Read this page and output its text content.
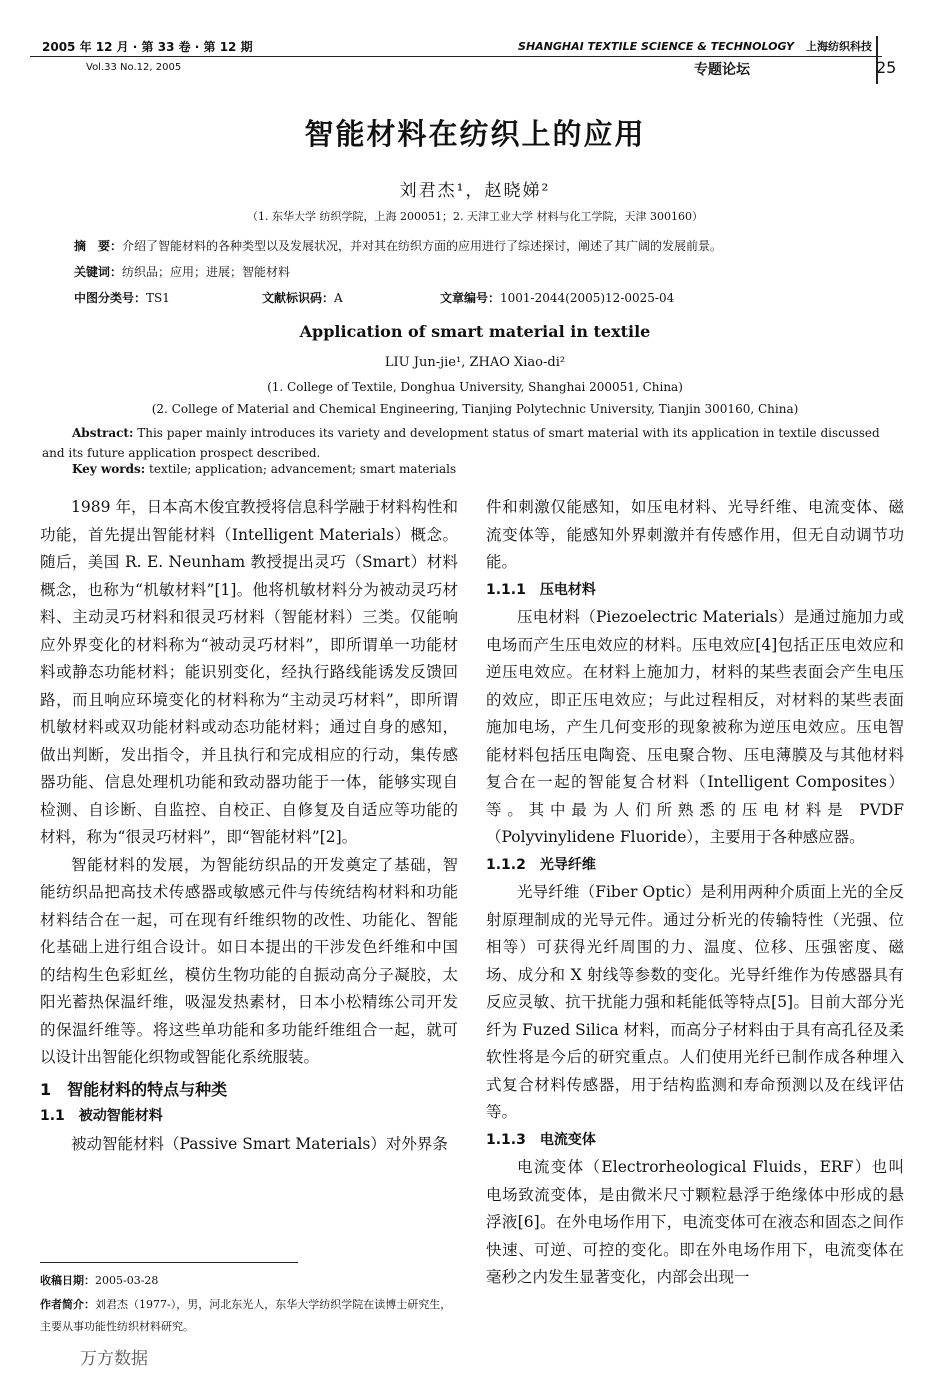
2005 年 12 月 · 第 33 卷 · 第 12 期
Vol.33 No.12, 2005
SHANGHAI TEXTILE SCIENCE & TECHNOLOGY 上海纺织科技
专题论坛	25
智能材料在纺织上的应用
刘君杰¹，赵晓娣²
（1. 东华大学 纺织学院，上海 200051；2. 天津工业大学 材料与化工学院，天津 300160）
摘　要：介绍了智能材料的各种类型以及发展状况，并对其在纺织方面的应用进行了综述探讨，阐述了其广阔的发展前景。
关键词：纺织品；应用；进展；智能材料
中图分类号：TS1	文献标识码：A	文章编号：1001-2044(2005)12-0025-04
Application of smart material in textile
LIU Jun-jie¹, ZHAO Xiao-di²
(1. College of Textile, Donghua University, Shanghai 200051, China)
(2. College of Material and Chemical Engineering, Tianjing Polytechnic University, Tianjin 300160, China)
Abstract: This paper mainly introduces its variety and development status of smart material with its application in textile discussed and its future application prospect described.
Key words: textile; application; advancement; smart materials

1989 年，日本高木俊宜教授将信息科学融于材料构性和功能，首先提出智能材料（Intelligent Materials）概念。随后，美国 R. E. Neunham 教授提出灵巧（Smart）材料概念，也称为“机敏材料”[1]。他将机敏材料分为被动灵巧材料、主动灵巧材料和很灵巧材料（智能材料）三类。仅能响应外界变化的材料称为“被动灵巧材料”，即所谓单一功能材料或静态功能材料；能识别变化，经执行路线能诱发反馈回路，而且响应环境变化的材料称为“主动灵巧材料”，即所谓机敏材料或双功能材料或动态功能材料；通过自身的感知，做出判断，发出指令，并且执行和完成相应的行动，集传感器功能、信息处理机功能和致动器功能于一体，能够实现自检测、自诊断、自监控、自校正、自修复及自适应等功能的材料，称为“很灵巧材料”，即“智能材料”[2]。

智能材料的发展，为智能纺织品的开发奠定了基础，智能纺织品把高技术传感器或敏感元件与传统结构材料和功能材料结合在一起，可在现有纤维织物的改性、功能化、智能化基础上进行组合设计。如日本提出的干涉发色纤维和中国的结构生色彩虹丝，模仿生物功能的自振动高分子凝胶，太阳光蓄热保温纤维，吸湿发热素材，日本小松精练公司开发的保温纤维等。将这些单功能和多功能纤维组合一起，就可以设计出智能化织物或智能化系统服装。

1　智能材料的特点与种类
1.1　被动智能材料

被动智能材料（Passive Smart Materials）对外界条

件和刺激仅能感知，如压电材料、光导纤维、电流变体、磁流变体等，能感知外界刺激并有传感作用，但无自动调节功能。

1.1.1　压电材料

压电材料（Piezoelectric Materials）是通过施加力或电场而产生压电效应的材料。压电效应[4]包括正压电效应和逆压电效应。在材料上施加力，材料的某些表面会产生电压的效应，即正压电效应；与此过程相反，对材料的某些表面施加电场，产生几何变形的现象被称为逆压电效应。压电智能材料包括压电陶瓷、压电聚合物、压电薄膜及与其他材料复合在一起的智能复合材料（Intelligent Composites）等。其中最为人们所熟悉的压电材料是 PVDF（Polyvinylidene Fluoride），主要用于各种感应器。

1.1.2　光导纤维

光导纤维（Fiber Optic）是利用两种介质面上光的全反射原理制成的光导元件。通过分析光的传输特性（光强、位相等）可获得光纤周围的力、温度、位移、压强密度、磁场、成分和 X 射线等参数的变化。光导纤维作为传感器具有反应灵敏、抗干扰能力强和耗能低等特点[5]。目前大部分光纤为 Fuzed Silica 材料，而高分子材料由于具有高孔径及柔软性将是今后的研究重点。人们使用光纤已制作成各种埋入式复合材料传感器，用于结构监测和寿命预测以及在线评估等。

1.1.3　电流变体

电流变体（Electrorheological Fluids，ERF）也叫电场致流变体，是由微米尺寸颗粒悬浮于绝缘体中形成的悬浮液[6]。在外电场作用下，电流变体可在液态和固态之间作快速、可逆、可控的变化。即在外电场作用下，电流变体在毫秒之内发生显著变化，内部会出现一

收稿日期：2005-03-28
作者简介：刘君杰（1977-），男，河北东光人，东华大学纺织学院在读博士研究生，主要从事功能性纺织材料研究。
万方数据
